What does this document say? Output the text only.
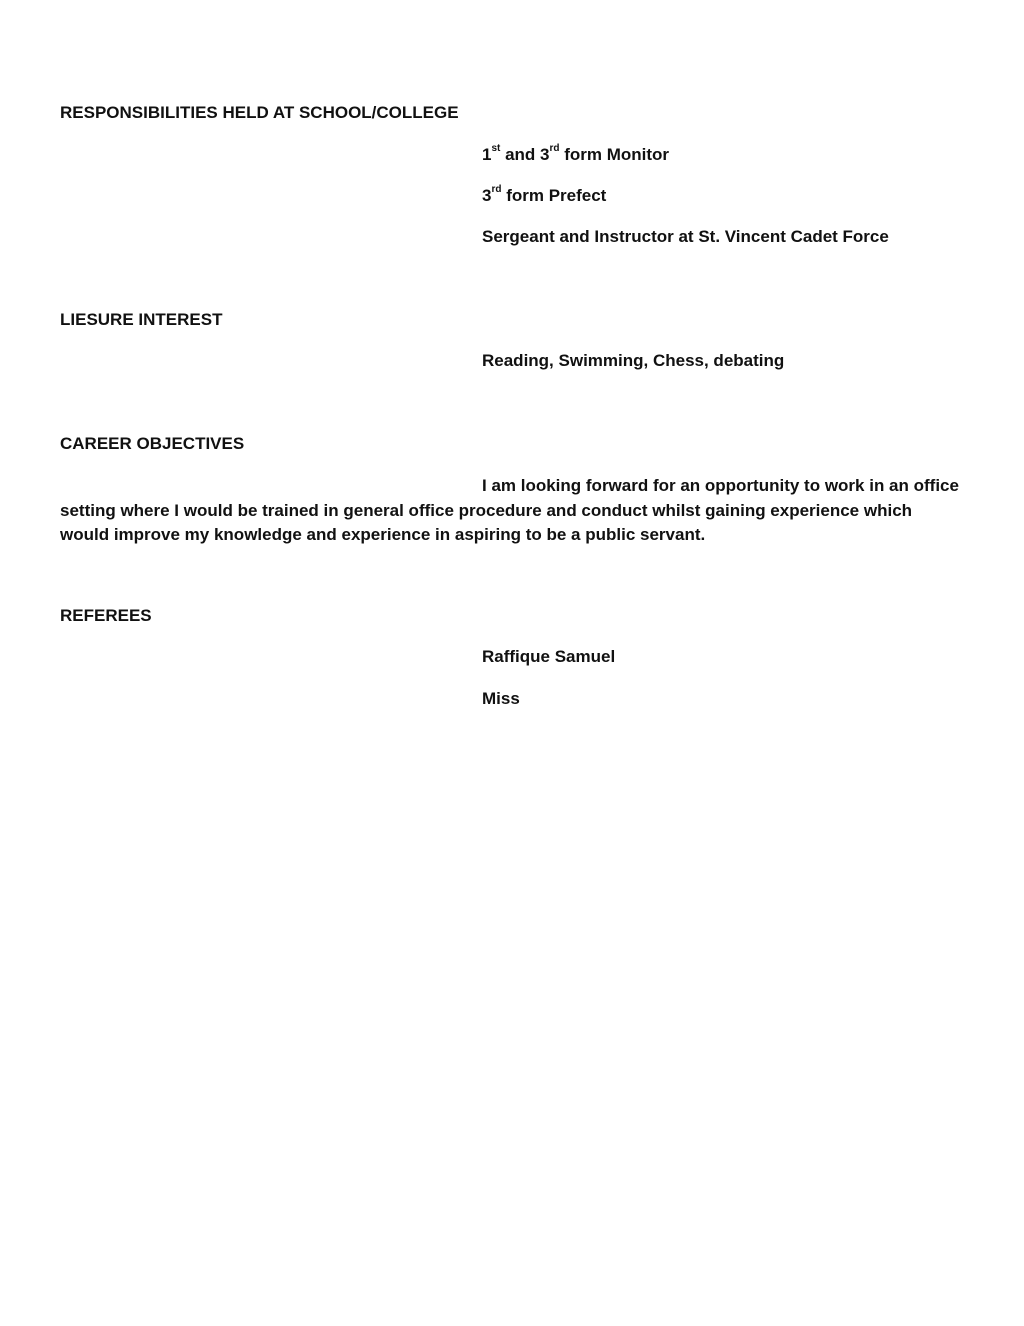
RESPONSIBILITIES HELD AT SCHOOL/COLLEGE

1st and 3rd form Monitor

3rd form Prefect

Sergeant and Instructor at St. Vincent Cadet Force

LIESURE INTEREST

Reading, Swimming, Chess, debating

CAREER OBJECTIVES

I am looking forward for an opportunity to work in an office setting where I would be trained in general office procedure and conduct whilst gaining experience which would improve my knowledge and experience in aspiring to be a public servant.

REFEREES

Raffique Samuel

Miss
